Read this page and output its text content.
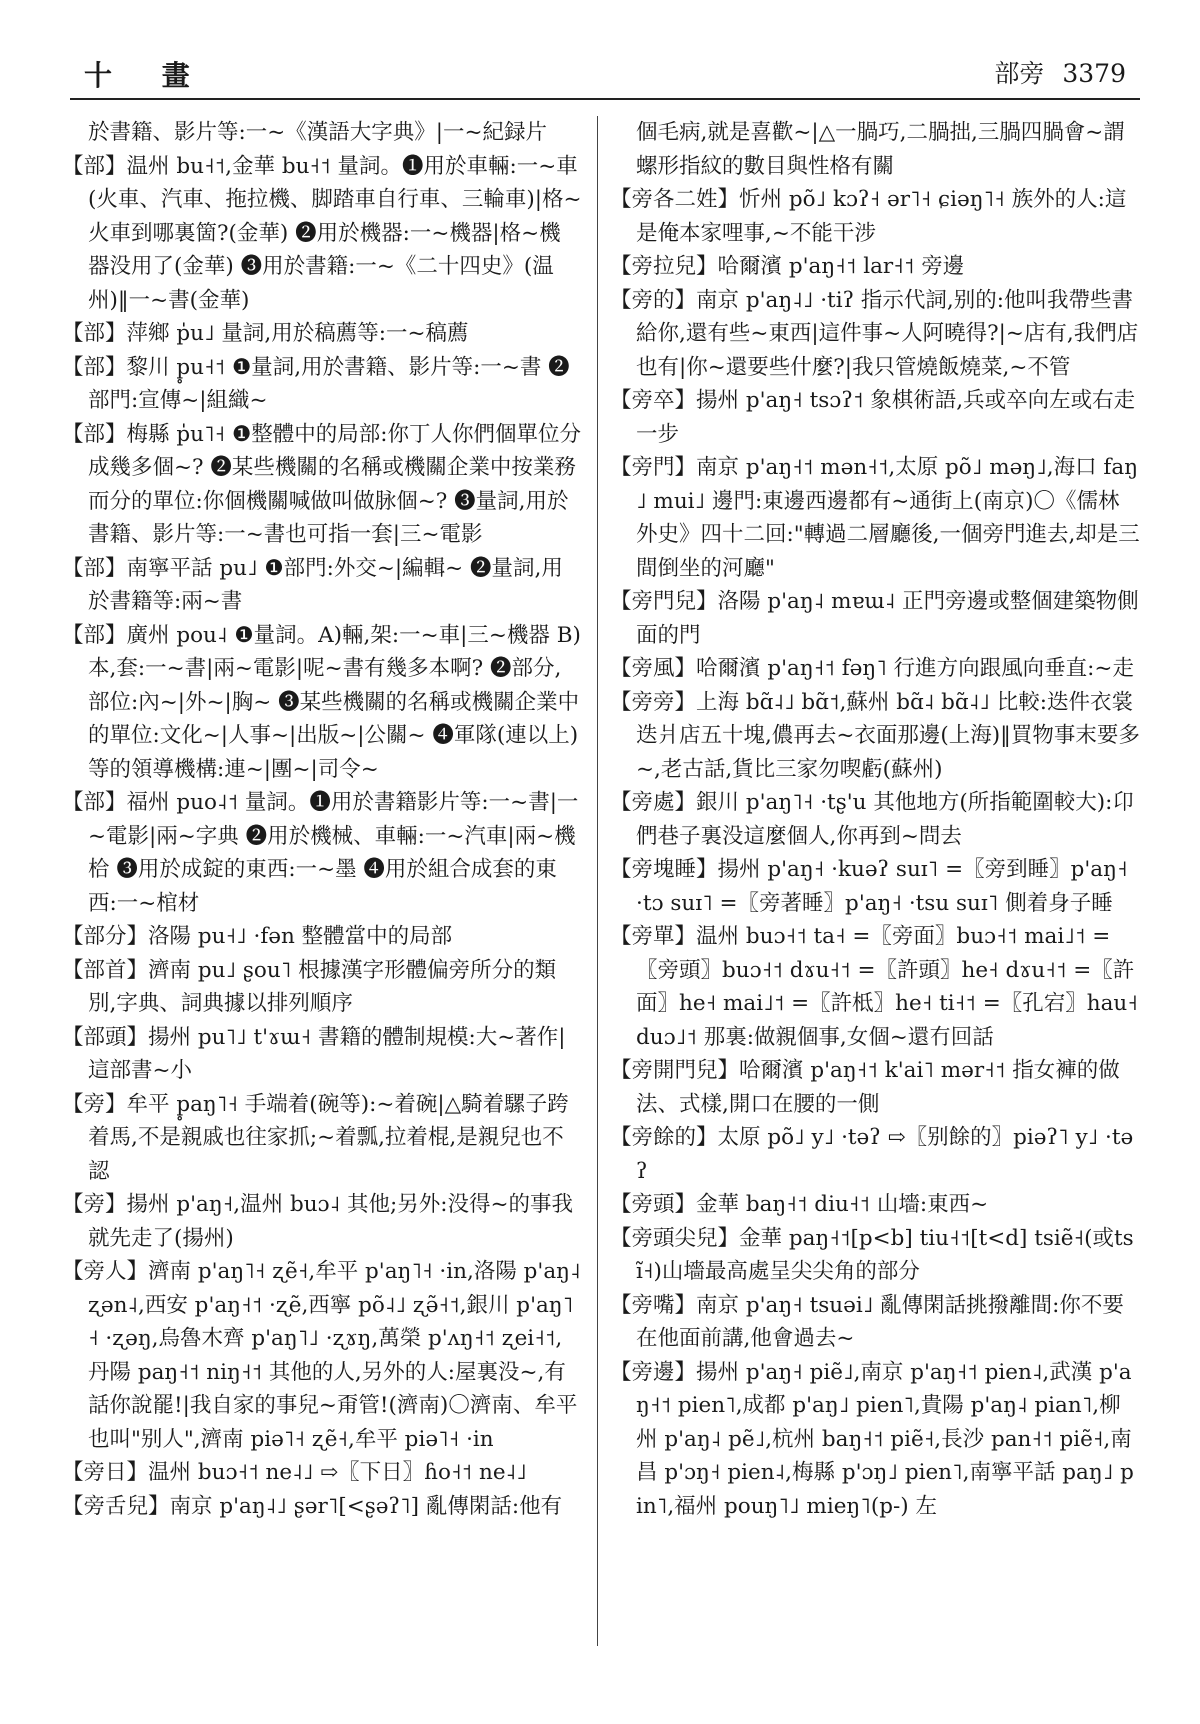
十 畫	部旁 3379

於書籍、影片等:一~《漢語大字典》|一~紀録片

【部】温州 bu˧˦,金華 bu˧˦ 量詞。❶用於車輛:一~車(火車、汽車、拖拉機、脚踏車自行車、三輪車)|格~火車到哪裏箇?(金華) ❷用於機器:一~機器|格~機器没用了(金華) ❸用於書籍:一~《二十四史》(温州)‖一~書(金華)

【部】萍鄉 p̍u˩ 量詞,用於稿薦等:一~稿薦

【部】黎川 p̥u˧˦ ❶量詞,用於書籍、影片等:一~書 ❷部門:宣傳~|組織~

【部】梅縣 p̍u˥˧ ❶整體中的局部:你丁人你們個單位分成幾多個~? ❷某些機關的名稱或機關企業中按業務而分的單位:你個機關喊做叫做脉個~? ❸量詞,用於書籍、影片等:一~書也可指一套|三~電影

【部】南寧平話 pu˩ ❶部門:外交~|編輯~ ❷量詞,用於書籍等:兩~書

【部】廣州 pou˨ ❶量詞。A)輛,架:一~車|三~機器 B)本,套:一~書|兩~電影|呢~書有幾多本啊? ❷部分,部位:內~|外~|胸~ ❸某些機關的名稱或機關企業中的單位:文化~|人事~|出版~|公關~ ❹軍隊(連以上)等的領導機構:連~|團~|司令~

【部】福州 puo˨˦ 量詞。❶用於書籍影片等:一~書|一~電影|兩~字典 ❷用於機械、車輛:一~汽車|兩~機㭘 ❸用於成錠的東西:一~墨 ❹用於組合成套的東西:一~棺材

【部分】洛陽 pu˧˩ ·fən 整體當中的局部

【部首】濟南 pu˩ ʂou˥ 根據漢字形體偏旁所分的類別,字典、詞典據以排列順序

【部頭】揚州 pu˥˩ t'ɤɯ˧ 書籍的體制規模:大~著作|這部書~小

【旁】牟平 p̥aŋ˥˧ 手端着(碗等):~着碗|△騎着騾子跨着馬,不是親戚也往家抓;~着瓢,拉着棍,是親兒也不認

【旁】揚州 p'aŋ˧,温州 buɔ˨ 其他;另外:没得~的事我就先走了(揚州)

【旁人】濟南 p'aŋ˥˧ ʐẽ˧,牟平 p'aŋ˥˧ ·in,洛陽 p'aŋ˨ ʐən˨,西安 p'aŋ˧˦ ·ʐẽ,西寧 põ˨˩ ʐə̃˧˦,銀川 p'aŋ˥˧ ·ʐəŋ,烏魯木齊 p'aŋ˥˩ ·ʐɤŋ,萬榮 p'ʌŋ˧˦ ʐei˧˦,丹陽 paŋ˧˦ niŋ˧˦ 其他的人,另外的人:屋裏没~,有話你說罷!|我自家的事兒~甭管!(濟南)〇濟南、牟平也叫"别人",濟南 piə˥˧ ʐẽ˧,牟平 piə˥˧ ·in

【旁日】温州 buɔ˧˦ ne˨˩ ⇨〖下日〗ɦo˧˦ ne˨˩

【旁舌兒】南京 p'aŋ˨˩ ʂər˥[<ʂəʔ˥] 亂傳閑話:他有

個毛病,就是喜歡~|△一腡巧,二腡拙,三腡四腡會~謂螺形指紋的數目與性格有關

【旁各二姓】忻州 põ˩ kɔʔ˧ ər˥˧ ɕiəŋ˥˧ 族外的人:這是俺本家哩事,~不能干涉

【旁拉兒】哈爾濱 p'aŋ˧˦ lar˧˦ 旁邊

【旁的】南京 p'aŋ˨˩ ·tiʔ 指示代詞,别的:他叫我帶些書給你,還有些~東西|這件事~人阿曉得?|~店有,我們店也有|你~還要些什麼?|我只管燒飯燒菜,~不管

【旁卒】揚州 p'aŋ˧ tsɔʔ˦ 象棋術語,兵或卒向左或右走一步

【旁門】南京 p'aŋ˧˦ mən˧˦,太原 põ˩ məŋ˩,海口 faŋ˩ mui˩ 邊門:東邊西邊都有~通街上(南京)〇《儒林外史》四十二回:"轉過二層廳後,一個旁門進去,却是三間倒坐的河廳"

【旁門兒】洛陽 p'aŋ˨ mɐɯ˨ 正門旁邊或整個建築物側面的門

【旁風】哈爾濱 p'aŋ˧˦ fəŋ˥ 行進方向跟風向垂直:~走

【旁旁】上海 bɑ̃˨˩ bɑ̃˦,蘇州 bɑ̃˨ bɑ̃˨˩ 比較:迭件衣裳迭爿店五十塊,儂再去~衣面那邊(上海)‖買物事末要多~,老古話,貨比三家勿喫虧(蘇州)

【旁處】銀川 p'aŋ˥˧ ·tʂ'u 其他地方(所指範圍較大):卬們巷子裏没這麼個人,你再到~問去

【旁塊睡】揚州 p'aŋ˧ ·kuəʔ suɪ˥ =〖旁到睡〗p'aŋ˧ ·tɔ suɪ˥ =〖旁著睡〗p'aŋ˧ ·tsu suɪ˥ 側着身子睡

【旁單】温州 buɔ˧˦ ta˧ =〖旁面〗buɔ˧˦ mai˩˦ =〖旁頭〗buɔ˧˦ dɤu˧˦ =〖許頭〗he˧ dɤu˧˦ =〖許面〗he˧ mai˩˦ =〖許柢〗he˧ ti˧˦ =〖孔宕〗hau˧ duɔ˩˦ 那裏:做親個事,女個~還冇回話

【旁開門兒】哈爾濱 p'aŋ˧˦ k'ai˥ mər˧˦ 指女褲的做法、式樣,開口在腰的一側

【旁餘的】太原 põ˩ y˩ ·təʔ ⇨〖别餘的〗piəʔ˥ y˩ ·təʔ

【旁頭】金華 baŋ˧˦ diu˧˦ 山墻:東西~

【旁頭尖兒】金華 paŋ˧˦[p<b] tiu˧˦[t<d] tsiẽ˧(或ts ĩ˧)山墻最高處呈尖尖角的部分

【旁嘴】南京 p'aŋ˧ tsuəi˩ 亂傳閑話挑撥離間:你不要在他面前講,他會過去~

【旁邊】揚州 p'aŋ˧ piẽ˩,南京 p'aŋ˧˦ pien˨,武漢 p'aŋ˧˦ pien˥,成都 p'aŋ˩ pien˥,貴陽 p'aŋ˨ pian˥,柳州 p'aŋ˨ pẽ˩,杭州 baŋ˧˦ piẽ˧,長沙 pan˧˦ piẽ˧,南昌 p'ɔŋ˧ pien˨,梅縣 p'ɔŋ˩ pien˥,南寧平話 paŋ˩ pin˥,福州 pouŋ˥˩ mieŋ˥(p-) 左
